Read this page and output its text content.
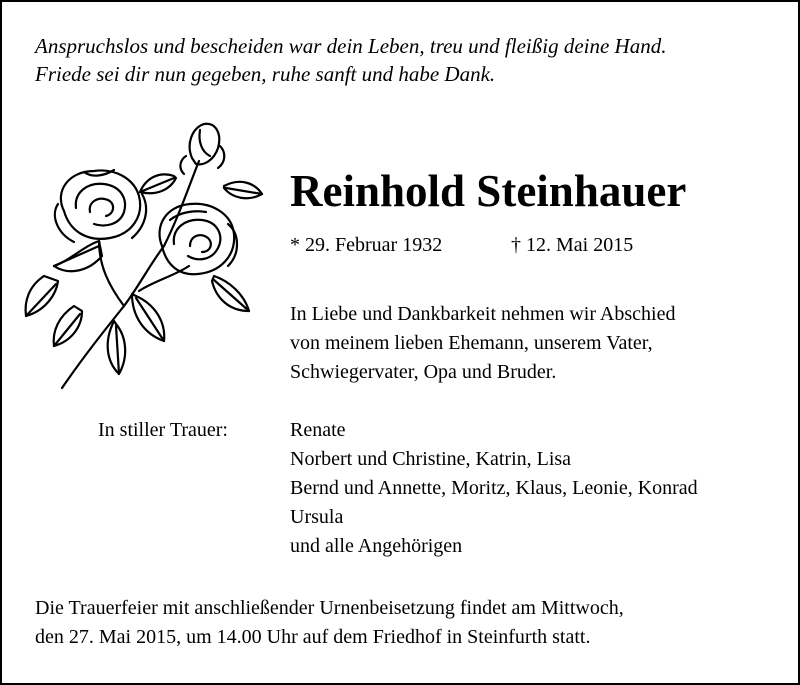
Anspruchslos und bescheiden war dein Leben, treu und fleißig deine Hand.
Friede sei dir nun gegeben, ruhe sanft und habe Dank.
Reinhold Steinhauer
* 29. Februar 1932	† 12. Mai 2015
In Liebe und Dankbarkeit nehmen wir Abschied
von meinem lieben Ehemann, unserem Vater,
Schwiegervater, Opa und Bruder.
In stiller Trauer:	Renate
Norbert und Christine, Katrin, Lisa
Bernd und Annette, Moritz, Klaus, Leonie, Konrad
Ursula
und alle Angehörigen
Die Trauerfeier mit anschließender Urnenbeisetzung findet am Mittwoch,
den 27. Mai 2015, um 14.00 Uhr auf dem Friedhof in Steinfurth statt.
